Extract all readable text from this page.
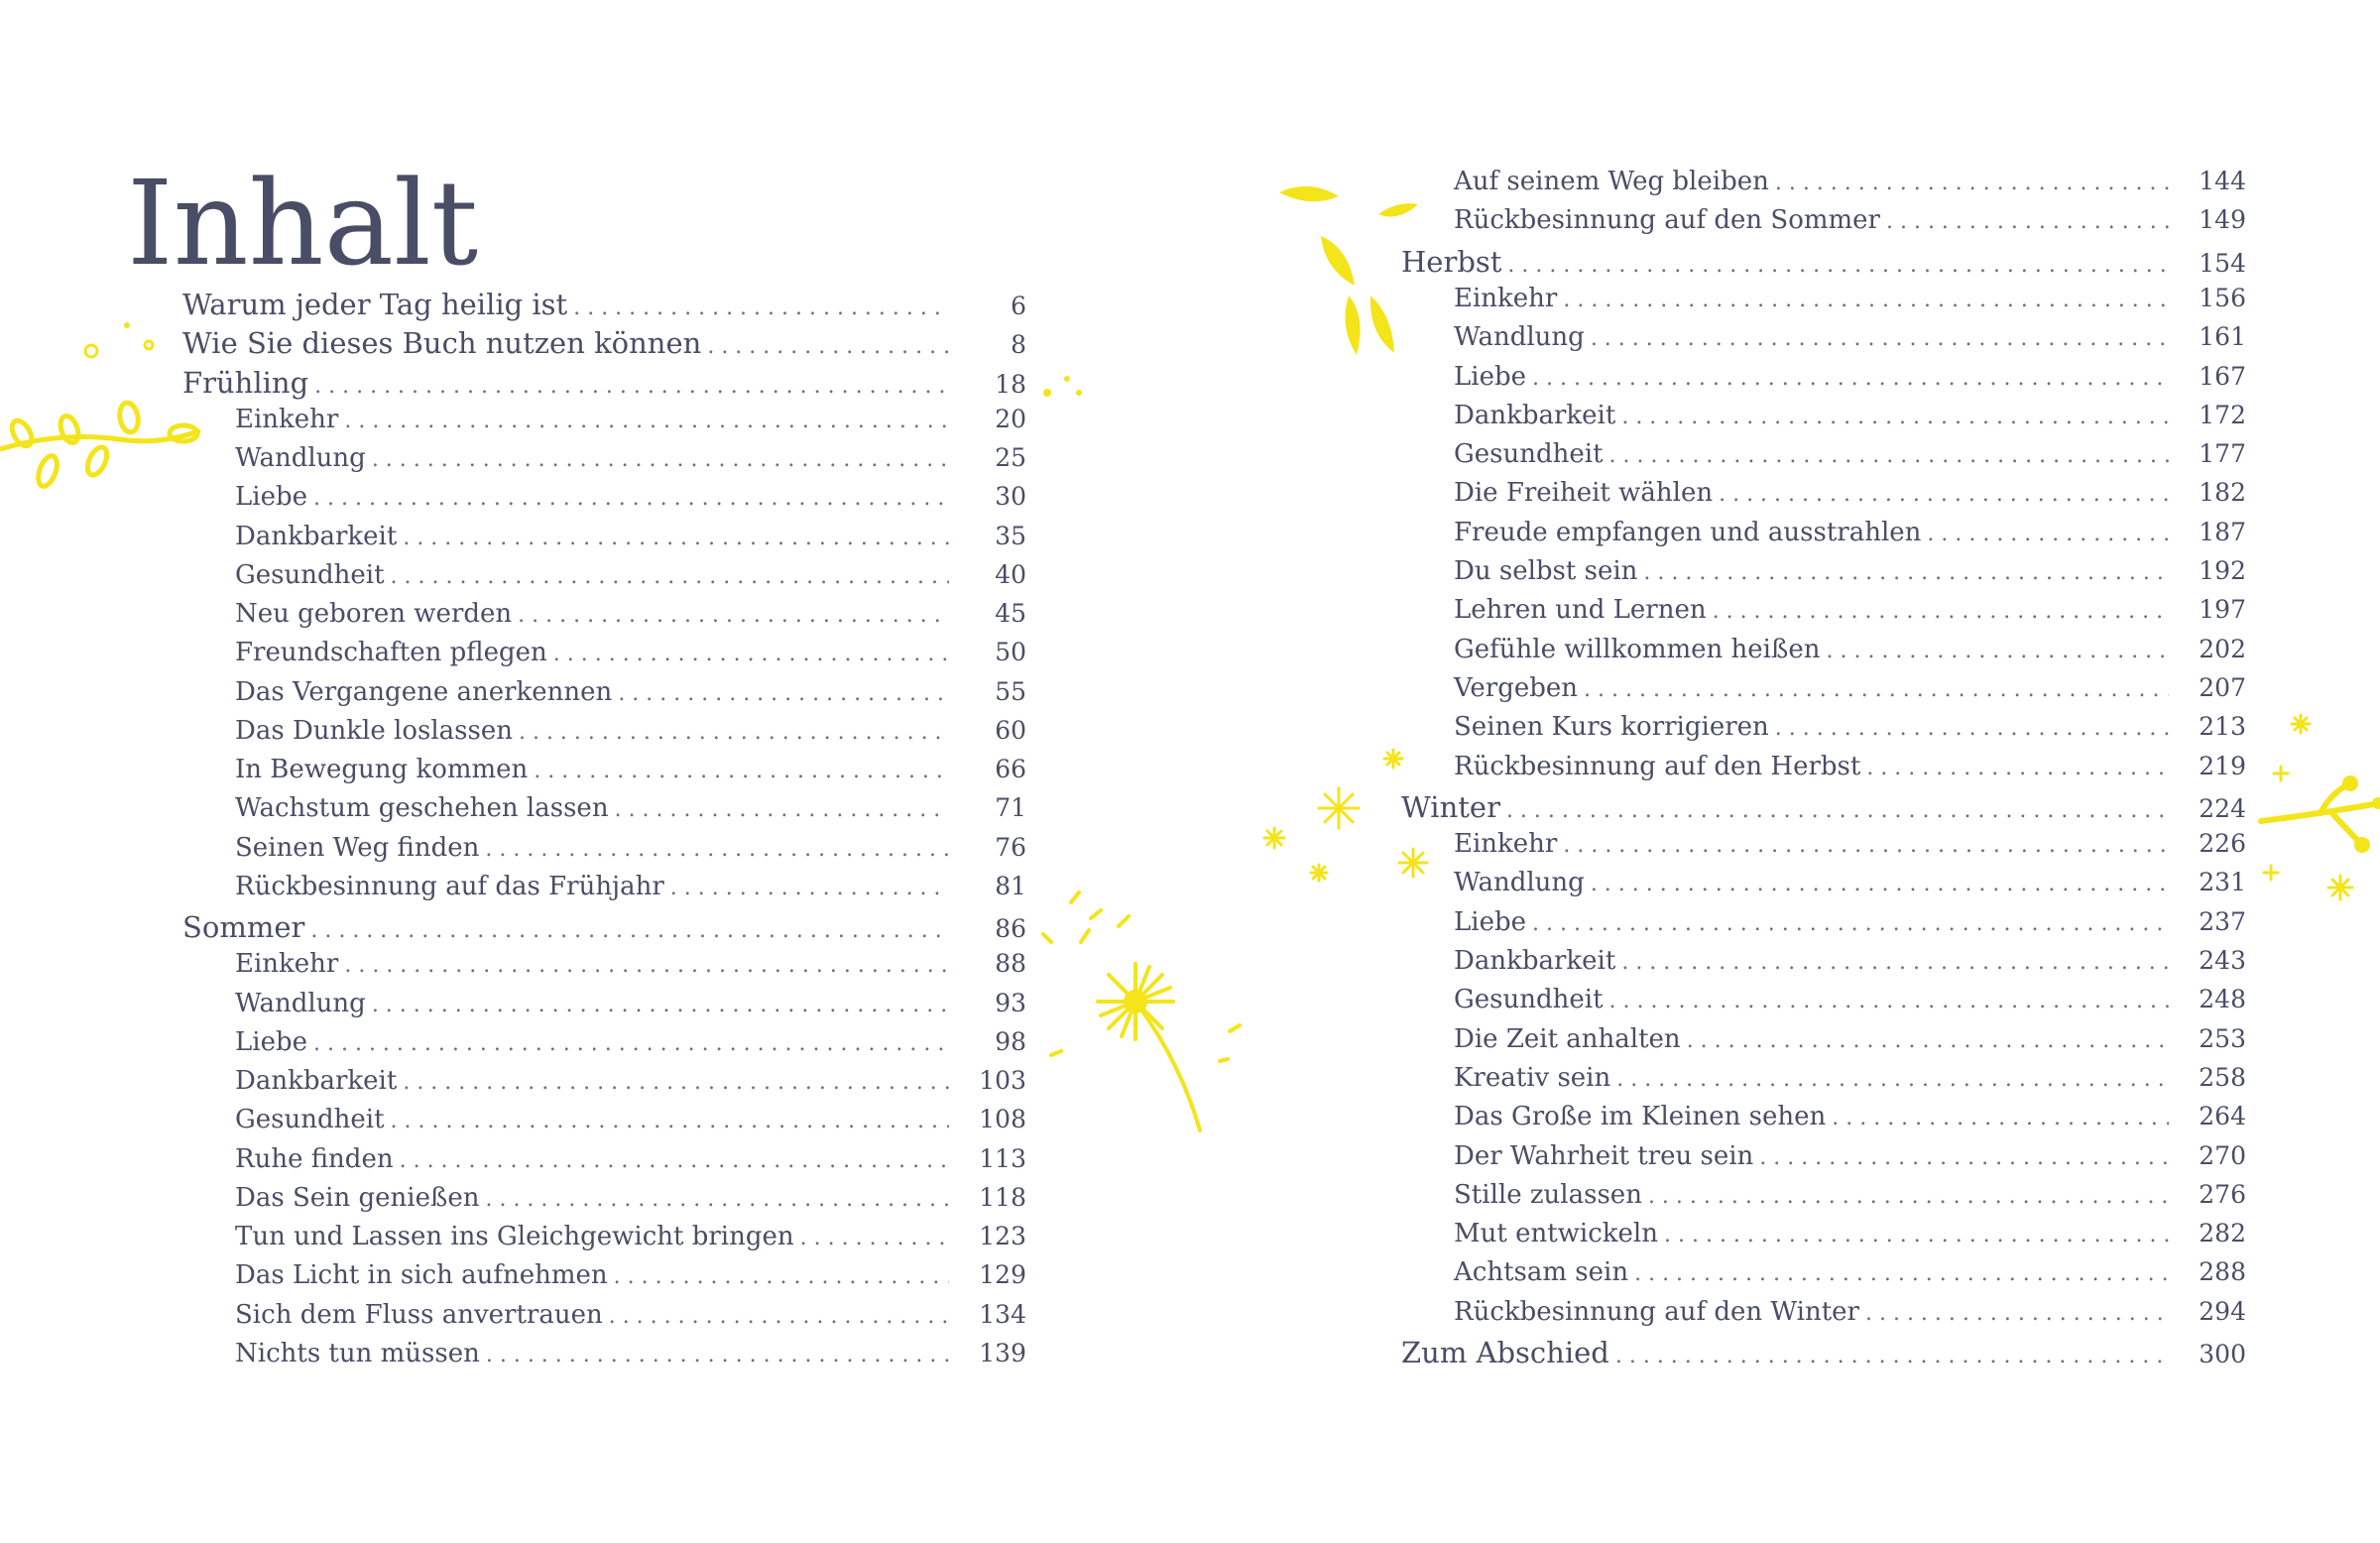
Inhalt
Warum jeder Tag heilig ist . . .	6
Wie Sie dieses Buch nutzen können . . .	8
Frühling . . .	18
Einkehr . . .	20
Wandlung . . .	25
Liebe . . .	30
Dankbarkeit . . .	35
Gesundheit . . .	40
Neu geboren werden . . .	45
Freundschaften pflegen . . .	50
Das Vergangene anerkennen . . .	55
Das Dunkle loslassen . . .	60
In Bewegung kommen . . .	66
Wachstum geschehen lassen . . .	71
Seinen Weg finden . . .	76
Rückbesinnung auf das Frühjahr . . .	81
Sommer . . .	86
Einkehr . . .	88
Wandlung . . .	93
Liebe . . .	98
Dankbarkeit . . .	103
Gesundheit . . .	108
Ruhe finden . . .	113
Das Sein genießen . . .	118
Tun und Lassen ins Gleichgewicht bringen . . .	123
Das Licht in sich aufnehmen . . .	129
Sich dem Fluss anvertrauen . . .	134
Nichts tun müssen . . .	139
Auf seinem Weg bleiben . . .	144
Rückbesinnung auf den Sommer . . .	149
Herbst . . .	154
Einkehr . . .	156
Wandlung . . .	161
Liebe . . .	167
Dankbarkeit . . .	172
Gesundheit . . .	177
Die Freiheit wählen . . .	182
Freude empfangen und ausstrahlen . . .	187
Du selbst sein . . .	192
Lehren und Lernen . . .	197
Gefühle willkommen heißen . . .	202
Vergeben . . .	207
Seinen Kurs korrigieren . . .	213
Rückbesinnung auf den Herbst . . .	219
Winter . . .	224
Einkehr . . .	226
Wandlung . . .	231
Liebe . . .	237
Dankbarkeit . . .	243
Gesundheit . . .	248
Die Zeit anhalten . . .	253
Kreativ sein . . .	258
Das Große im Kleinen sehen . . .	264
Der Wahrheit treu sein . . .	270
Stille zulassen . . .	276
Mut entwickeln . . .	282
Achtsam sein . . .	288
Rückbesinnung auf den Winter . . .	294
Zum Abschied . . .	300
